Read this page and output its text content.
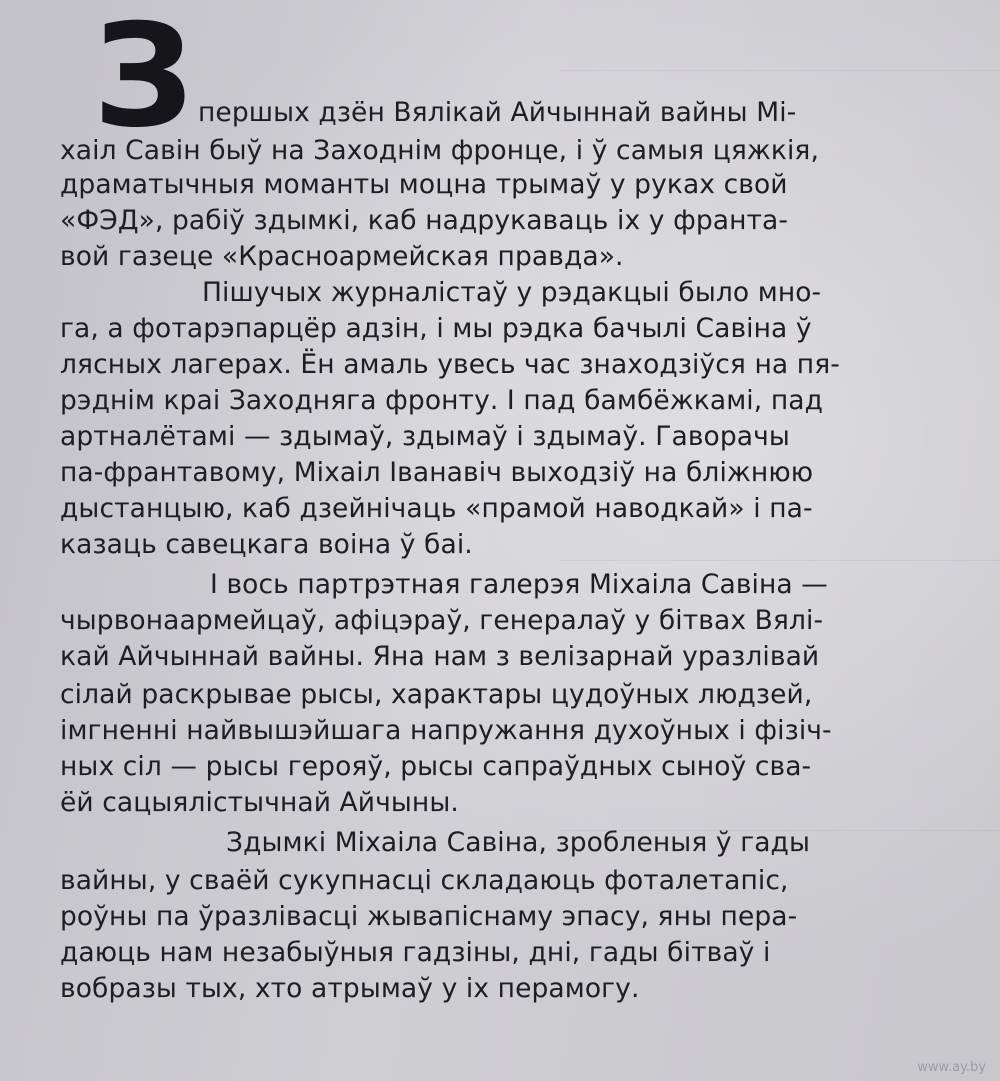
З першых дзён Вялікай Айчыннай вайны Мі-
хаіл Савін быў на Заходнім фронце, і ў самыя цяжкія,
драматычныя моманты моцна трымаў у руках свой
«ФЭД», рабіў здымкі, каб надрукаваць іх у франта-
вой газеце «Красноармейская правда».
Пішучых журналістаў у рэдакцыі было мно-
га, а фотарэпарцёр адзін, і мы рэдка бачылі Савіна ў
лясных лагерах. Ён амаль увесь час знаходзіўся на пя-
рэднім краі Заходняга фронту. І пад бамбёжкамі, пад
артналётамі — здымаў, здымаў і здымаў. Гаворачы
па-франтавому, Міхаіл Іванавіч выходзіў на бліжнюю
дыстанцыю, каб дзейнічаць «прамой наводкай» і па-
казаць савецкага воіна ў баі.
І вось партрэтная галерэя Міхаіла Савіна —
чырвонаармейцаў, афіцэраў, генералаў у бітвах Вялі-
кай Айчыннай вайны. Яна нам з велізарнай уразлівай
сілай раскрывае рысы, характары цудоўных людзей,
імгненні найвышэйшага напружання духоўных і фізіч-
ных сіл — рысы герояў, рысы сапраўдных сыноў сва-
ёй сацыялістычнай Айчыны.
Здымкі Міхаіла Савіна, зробленыя ў гады
вайны, у сваёй сукупнасці складаюць фоталетапіс,
роўны па ўразлівасці жывапіснаму эпасу, яны пера-
даюць нам незабыўныя гадзіны, дні, гады бітваў і
вобразы тых, хто атрымаў у іх перамогу.
www.ay.by
